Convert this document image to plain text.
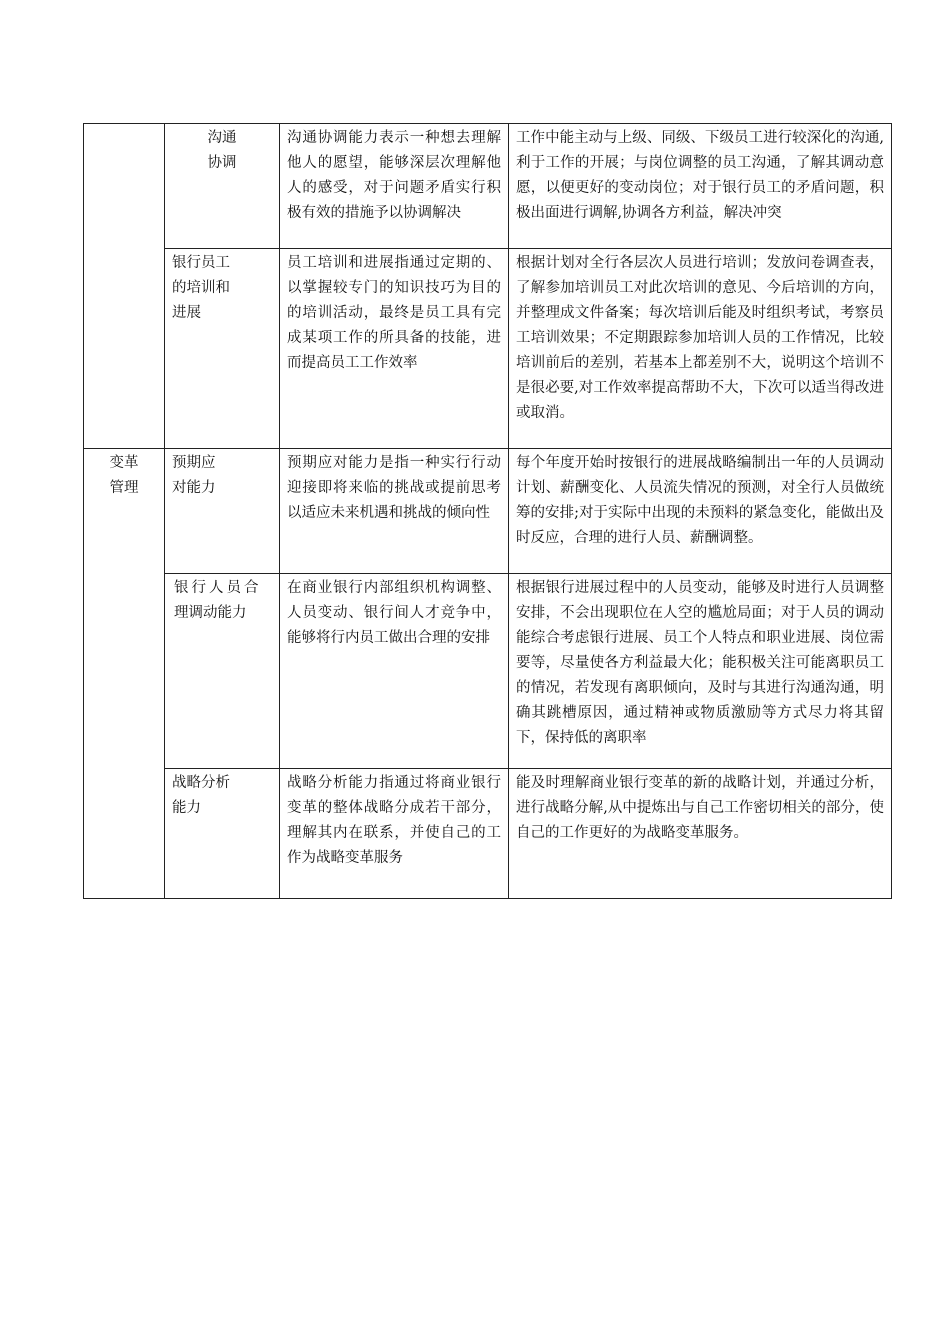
	沟通
协调	沟通协调能力表示一种想去理解他人的愿望，能够深层次理解他人的感受，对于问题矛盾实行积极有效的措施予以协调解决	工作中能主动与上级、同级、下级员工进行较深化的沟通,利于工作的开展；与岗位调整的员工沟通，了解其调动意愿，以便更好的变动岗位；对于银行员工的矛盾问题，积极出面进行调解,协调各方利益，解决冲突

	银行员工
的培训和
进展	员工培训和进展指通过定期的、以掌握较专门的知识技巧为目的的培训活动，最终是员工具有完成某项工作的所具备的技能，进而提高员工工作效率	根据计划对全行各层次人员进行培训；发放问卷调查表，了解参加培训员工对此次培训的意见、今后培训的方向，并整理成文件备案；每次培训后能及时组织考试，考察员工培训效果；不定期跟踪参加培训人员的工作情况，比较培训前后的差别，若基本上都差别不大，说明这个培训不是很必要,对工作效率提高帮助不大，下次可以适当得改进或取消。

变革
管理	预期应
对能力	预期应对能力是指一种实行行动迎接即将来临的挑战或提前思考以适应未来机遇和挑战的倾向性	每个年度开始时按银行的进展战略编制出一年的人员调动计划、薪酬变化、人员流失情况的预测，对全行人员做统筹的安排;对于实际中出现的未预料的紧急变化，能做出及时反应，合理的进行人员、薪酬调整。

	银行人员合
理调动能力	在商业银行内部组织机构调整、人员变动、银行间人才竞争中，能够将行内员工做出合理的安排	根据银行进展过程中的人员变动，能够及时进行人员调整安排，不会出现职位在人空的尴尬局面；对于人员的调动能综合考虑银行进展、员工个人特点和职业进展、岗位需要等，尽量使各方利益最大化；能积极关注可能离职员工的情况，若发现有离职倾向，及时与其进行沟通沟通，明确其跳槽原因，通过精神或物质激励等方式尽力将其留下，保持低的离职率

	战略分析
能力	战略分析能力指通过将商业银行变革的整体战略分成若干部分，理解其内在联系，并使自己的工作为战略变革服务	能及时理解商业银行变革的新的战略计划，并通过分析，进行战略分解,从中提炼出与自己工作密切相关的部分，使自己的工作更好的为战略变革服务。
